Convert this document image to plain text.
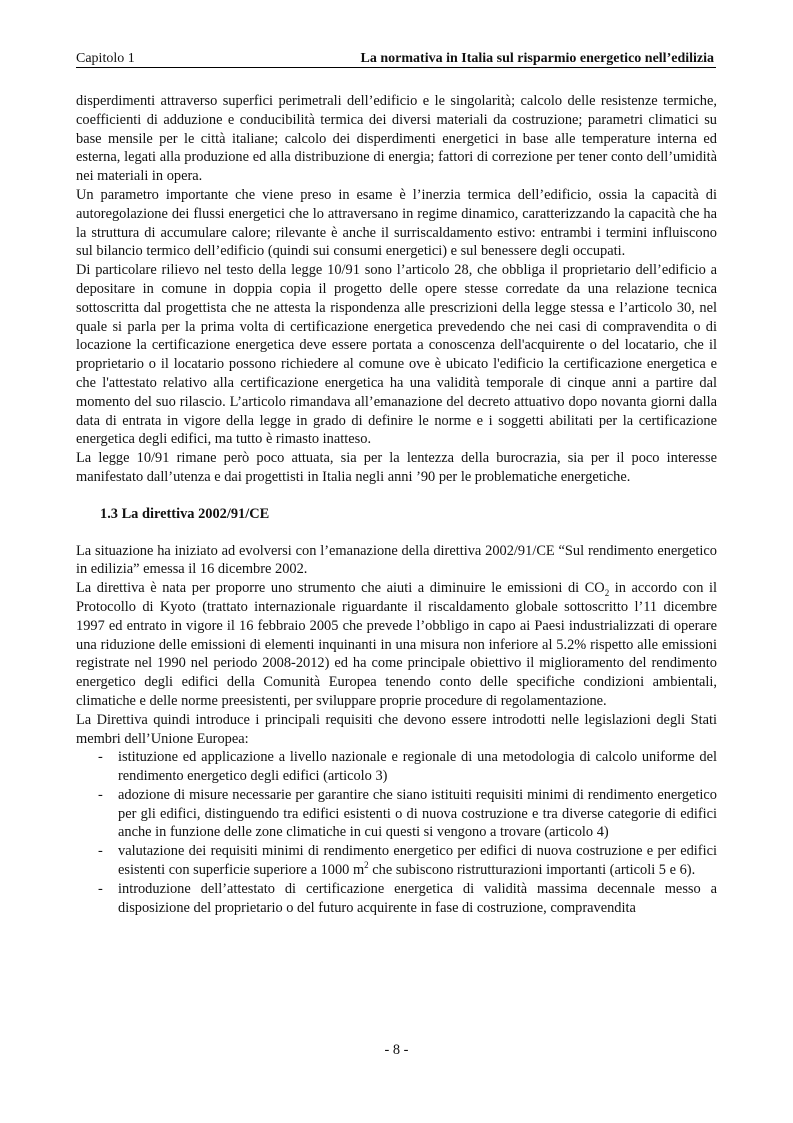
Capitolo 1	La normativa in Italia sul risparmio energetico nell’edilizia

disperdimenti attraverso superfici perimetrali dell’edificio e le singolarità; calcolo delle resistenze termiche, coefficienti di adduzione e conducibilità termica dei diversi materiali da costruzione; parametri climatici su base mensile per le città italiane; calcolo dei disperdimenti energetici in base alle temperature interna ed esterna, legati alla produzione ed alla distribuzione di energia; fattori di correzione per tener conto dell’umidità nei materiali in opera.

Un parametro importante che viene preso in esame è l’inerzia termica dell’edificio, ossia la capacità di autoregolazione dei flussi energetici che lo attraversano in regime dinamico, caratterizzando la capacità che ha la struttura di accumulare calore; rilevante è anche il surriscaldamento estivo: entrambi i termini influiscono sul bilancio termico dell’edificio (quindi sui consumi energetici) e sul benessere degli occupati.

Di particolare rilievo nel testo della legge 10/91 sono l’articolo 28, che obbliga il proprietario dell’edificio a depositare in comune in doppia copia il progetto delle opere stesse corredate da una relazione tecnica sottoscritta dal progettista che ne attesta la rispondenza alle prescrizioni della legge stessa e l’articolo 30, nel quale si parla per la prima volta di certificazione energetica prevedendo che nei casi di compravendita o di locazione la certificazione energetica deve essere portata a conoscenza dell'acquirente o del locatario, che il proprietario o il locatario possono richiedere al comune ove è ubicato l'edificio la certificazione energetica e che l'attestato relativo alla certificazione energetica ha una validità temporale di cinque anni a partire dal momento del suo rilascio. L’articolo rimandava all’emanazione del decreto attuativo dopo novanta giorni dalla data di entrata in vigore della legge in grado di definire le norme e i soggetti abilitati per la certificazione energetica degli edifici, ma tutto è rimasto inatteso.

La legge 10/91 rimane però poco attuata, sia per la lentezza della burocrazia, sia per il poco interesse manifestato dall’utenza e dai progettisti in Italia negli anni ’90 per le problematiche energetiche.

1.3 La direttiva 2002/91/CE

La situazione ha iniziato ad evolversi con l’emanazione della direttiva 2002/91/CE “Sul rendimento energetico in edilizia” emessa il 16 dicembre 2002.

La direttiva è nata per proporre uno strumento che aiuti a diminuire le emissioni di $CO_2$ in accordo con il Protocollo di Kyoto (trattato internazionale riguardante il riscaldamento globale sottoscritto l’11 dicembre 1997 ed entrato in vigore il 16 febbraio 2005 che prevede l’obbligo in capo ai Paesi industrializzati di operare una riduzione delle emissioni di elementi inquinanti in una misura non inferiore al 5.2% rispetto alle emissioni registrate nel 1990 nel periodo 2008-2012) ed ha come principale obiettivo il miglioramento del rendimento energetico degli edifici della Comunità Europea tenendo conto delle specifiche condizioni ambientali, climatiche e delle norme preesistenti, per sviluppare proprie procedure di regolamentazione.

La Direttiva quindi introduce i principali requisiti che devono essere introdotti nelle legislazioni degli Stati membri dell’Unione Europea:

- istituzione ed applicazione a livello nazionale e regionale di una metodologia di calcolo uniforme del rendimento energetico degli edifici (articolo 3)
- adozione di misure necessarie per garantire che siano istituiti requisiti minimi di rendimento energetico per gli edifici, distinguendo tra edifici esistenti o di nuova costruzione e tra diverse categorie di edifici anche in funzione delle zone climatiche in cui questi si vengono a trovare (articolo 4)
- valutazione dei requisiti minimi di rendimento energetico per edifici di nuova costruzione e per edifici esistenti con superficie superiore a 1000 $m^2$ che subiscono ristrutturazioni importanti (articoli 5 e 6).
- introduzione dell’attestato di certificazione energetica di validità massima decennale messo a disposizione del proprietario o del futuro acquirente in fase di costruzione, compravendita
- 8 -
